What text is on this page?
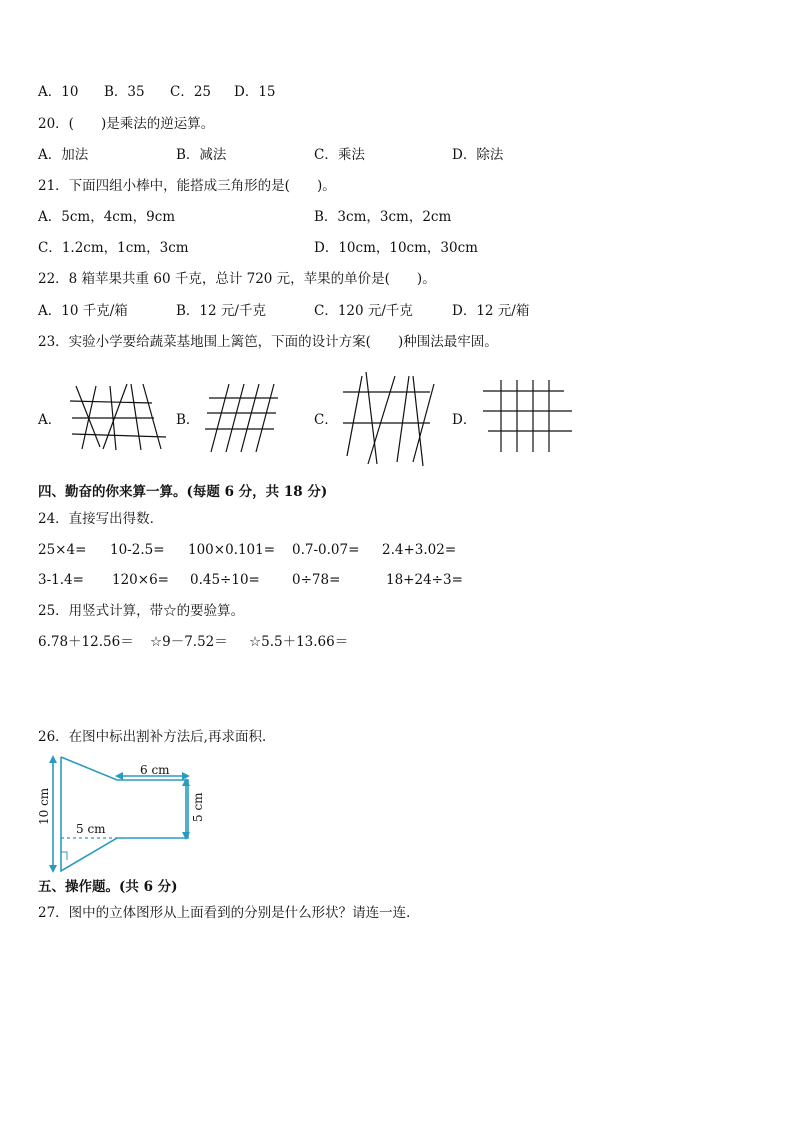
A．10 B．35 C．25 D．15
20．(　　)是乘法的逆运算。
A．加法	B．减法	C．乘法	D．除法
21．下面四组小棒中，能搭成三角形的是(　　)。
A．5cm，4cm，9cm	B．3cm，3cm，2cm
C．1.2cm，1cm，3cm	D．10cm，10cm，30cm
22．8 箱苹果共重 60 千克，总计 720 元，苹果的单价是(　　)。
A．10 千克/箱	B．12 元/千克	C．120 元/千克	D．12 元/箱
23．实验小学要给蔬菜基地围上篱笆，下面的设计方案(　　)种围法最牢固。
A．	B．	C．	D．
四、勤奋的你来算一算。(每题 6 分，共 18 分)
24．直接写出得数．
25×4= 10-2.5= 100×0.101= 0.7-0.07= 2.4+3.02=
3-1.4= 120×6= 0.45÷10= 0÷78=	18+24÷3=
25．用竖式计算，带☆的要验算。
6.78＋12.56＝ ☆9－7.52＝ ☆5.5＋13.66＝
26．在图中标出割补方法后,再求面积．
6 cm
5 cm
10 cm	5 cm
五、操作题。(共 6 分)
27．图中的立体图形从上面看到的分别是什么形状？请连一连．
